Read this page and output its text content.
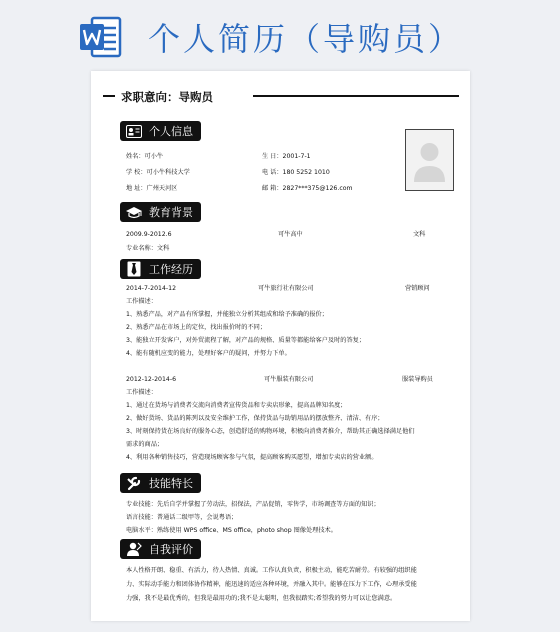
个人简历（导购员）
求职意向：导购员
个人信息
姓名：可小牛	生 日：2001-7-1
学 校：可小牛科技大学	电 话：180 5252 1010
地 址：广州天河区	邮 箱：2827***375@126.com
教育背景
2009.9-2012.6	可牛高中	文科
专业名称：文科
工作经历
2014-7-2014-12	可牛旅行社有限公司	营销顾问
工作描述：
1、熟悉产品，对产品有所掌握，并能独立分析其组成和给予准确的报价；
2、熟悉产品在市场上的定位，找出报价时的不同；
3、能独立开发客户，对外贸流程了解，对产品的规格、质量等都能给客户及时的答复；
4、能有随机应变的能力，处理好客户的疑问，并努力下单。
2012-12-2014-6	可牛服装有限公司	服装导购员
工作描述：
1、通过在货场与消费者交流向消费者宣传货品和专卖店形象，提高品牌知名度；
2、做好货场、货品的陈列以及安全维护工作，保持货品与助销用品的摆放整齐、清洁、有序；
3、时刻保持货在场良好的服务心态，创造舒适的购物环境，积极向消费者推介，帮助其正确选择满足他们
需求的商品；
4、利用各种销售技巧，营造现场顾客参与气氛，提高顾客购买愿望，增加专卖店的营业额。
技能特长
专业技能：先后自学并掌握了劳动法，招保法，产品促销，零售学，市场调查等方面的知识；
语言技能：普通话二级甲等，会说粤语；
电脑水平：熟练使用 WPS office、MS office，photo shop 图像处理技术。
自我评价
本人性格开朗、稳重、有活力，待人热情、真诚。工作认真负责，积极主动，能吃苦耐劳。有较强的组织能
力、实际动手能力和团体协作精神，能迅速的适应各种环境，并融入其中。能够在压力下工作，心理承受能
力强，我不是最优秀的，但我是最用功的;我不是太聪明，但我很踏实;希望我的努力可以让您满意。
